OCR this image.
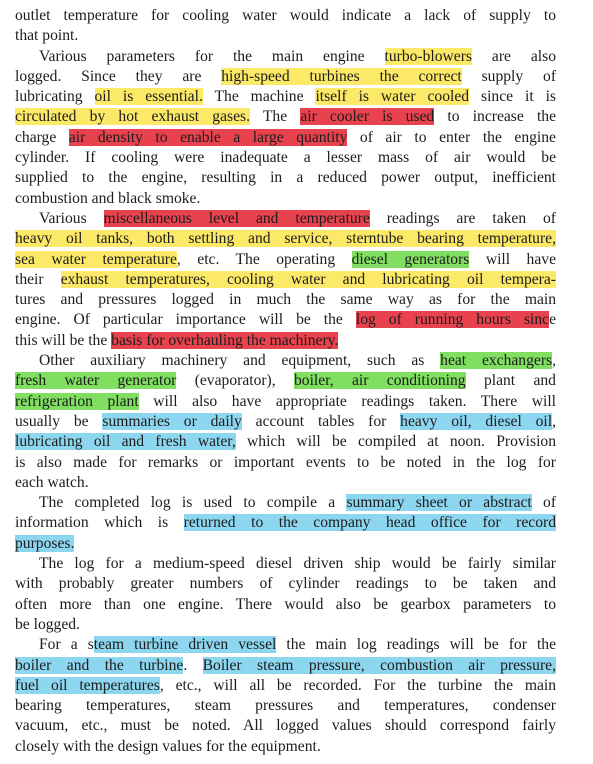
outlet temperature for cooling water would indicate a lack of supply to
that point.
Various parameters for the main engine turbo-blowers are also
logged. Since they are high-speed turbines the correct supply of
lubricating oil is essential. The machine itself is water cooled since it is
circulated by hot exhaust gases. The air cooler is used to increase the
charge air density to enable a large quantity of air to enter the engine
cylinder. If cooling were inadequate a lesser mass of air would be
supplied to the engine, resulting in a reduced power output, inefficient
combustion and black smoke.
Various miscellaneous level and temperature readings are taken of
heavy oil tanks, both settling and service, sterntube bearing temperature,
sea water temperature, etc. The operating diesel generators will have
their exhaust temperatures, cooling water and lubricating oil tempera-
tures and pressures logged in much the same way as for the main
engine. Of particular importance will be the log of running hours since
this will be the basis for overhauling the machinery.
Other auxiliary machinery and equipment, such as heat exchangers,
fresh water generator (evaporator), boiler, air conditioning plant and
refrigeration plant will also have appropriate readings taken. There will
usually be summaries or daily account tables for heavy oil, diesel oil,
lubricating oil and fresh water, which will be compiled at noon. Provision
is also made for remarks or important events to be noted in the log for
each watch.
The completed log is used to compile a summary sheet or abstract of
information which is returned to the company head office for record
purposes.
The log for a medium-speed diesel driven ship would be fairly similar
with probably greater numbers of cylinder readings to be taken and
often more than one engine. There would also be gearbox parameters to
be logged.
For a steam turbine driven vessel the main log readings will be for the
boiler and the turbine. Boiler steam pressure, combustion air pressure,
fuel oil temperatures, etc., will all be recorded. For the turbine the main
bearing temperatures, steam pressures and temperatures, condenser
vacuum, etc., must be noted. All logged values should correspond fairly
closely with the design values for the equipment.
